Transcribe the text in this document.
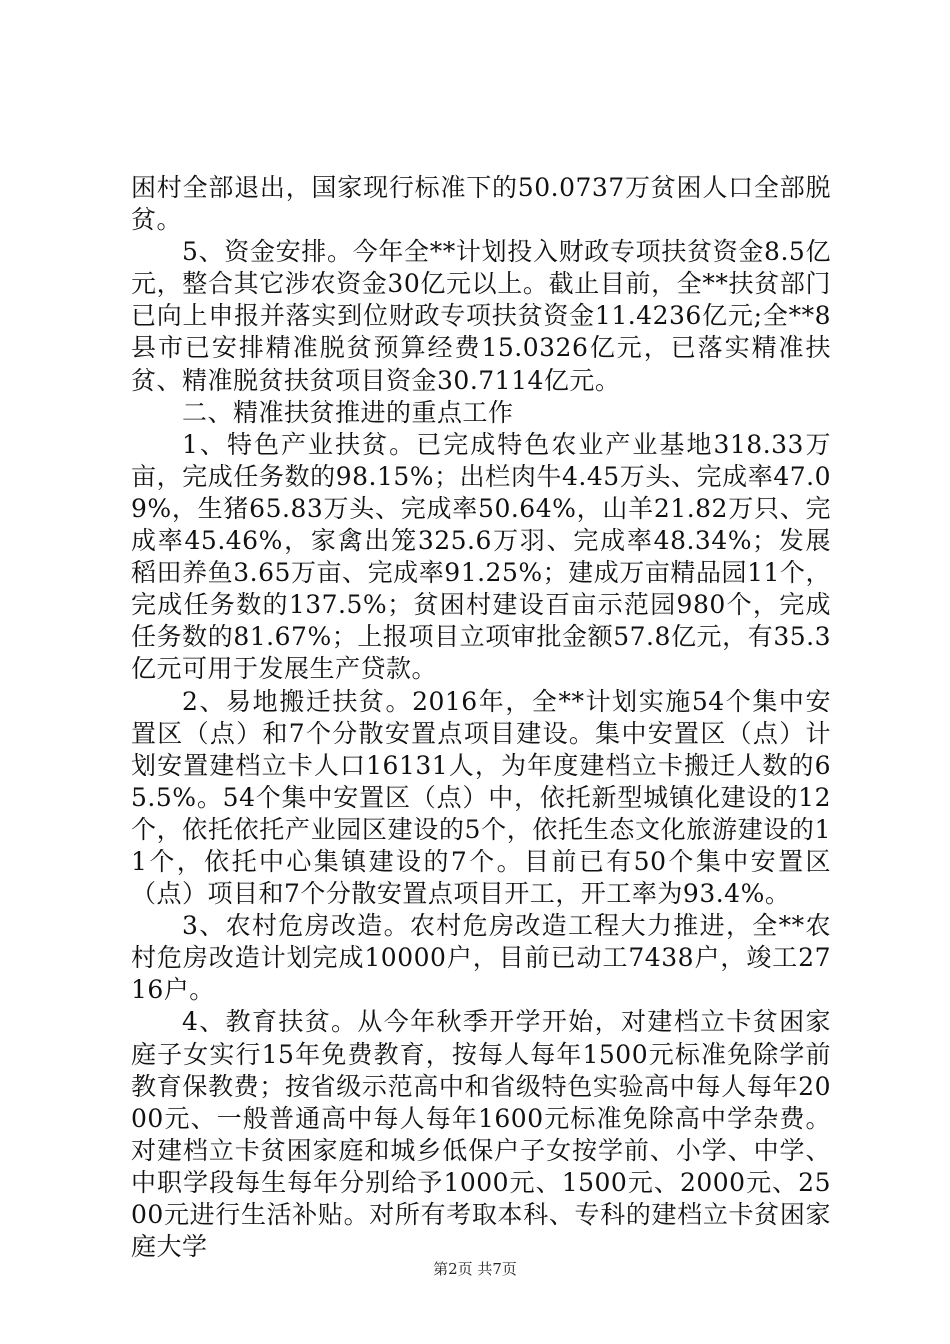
困村全部退出，国家现行标准下的50.0737万贫困人口全部脱贫。

5、资金安排。今年全**计划投入财政专项扶贫资金8.5亿元，整合其它涉农资金30亿元以上。截止目前，全**扶贫部门已向上申报并落实到位财政专项扶贫资金11.4236亿元;全**8县市已安排精准脱贫预算经费15.0326亿元，已落实精准扶贫、精准脱贫扶贫项目资金30.7114亿元。

二、精准扶贫推进的重点工作

1、特色产业扶贫。已完成特色农业产业基地318.33万亩，完成任务数的98.15%；出栏肉牛4.45万头、完成率47.09%，生猪65.83万头、完成率50.64%，山羊21.82万只、完成率45.46%，家禽出笼325.6万羽、完成率48.34%；发展稻田养鱼3.65万亩、完成率91.25%；建成万亩精品园11个，完成任务数的137.5%；贫困村建设百亩示范园980个，完成任务数的81.67%；上报项目立项审批金额57.8亿元，有35.3亿元可用于发展生产贷款。

2、易地搬迁扶贫。2016年，全**计划实施54个集中安置区（点）和7个分散安置点项目建设。集中安置区（点）计划安置建档立卡人口16131人，为年度建档立卡搬迁人数的65.5%。54个集中安置区（点）中，依托新型城镇化建设的12个，依托依托产业园区建设的5个，依托生态文化旅游建设的11个，依托中心集镇建设的7个。目前已有50个集中安置区（点）项目和7个分散安置点项目开工，开工率为93.4%。

3、农村危房改造。农村危房改造工程大力推进，全**农村危房改造计划完成10000户，目前已动工7438户，竣工2716户。

4、教育扶贫。从今年秋季开学开始，对建档立卡贫困家庭子女实行15年免费教育，按每人每年1500元标准免除学前教育保教费；按省级示范高中和省级特色实验高中每人每年2000元、一般普通高中每人每年1600元标准免除高中学杂费。对建档立卡贫困家庭和城乡低保户子女按学前、小学、中学、中职学段每生每年分别给予1000元、1500元、2000元、2500元进行生活补贴。对所有考取本科、专科的建档立卡贫困家庭大学

第2页 共7页
